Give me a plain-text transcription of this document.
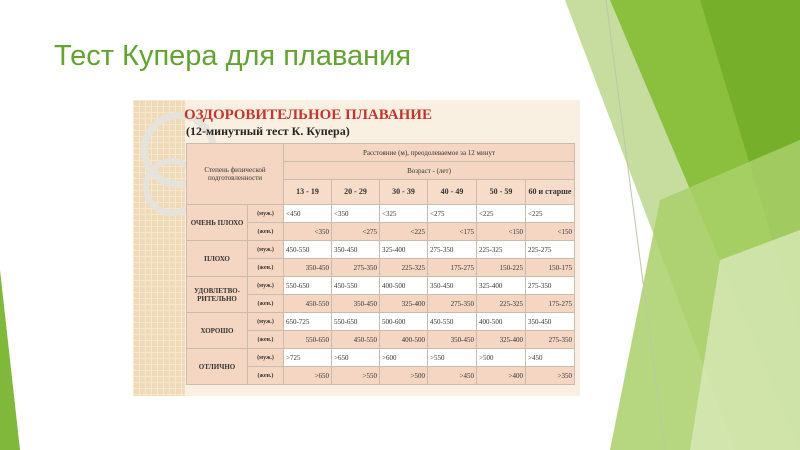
Тест Купера для плавания
ОЗДОРОВИТЕЛЬНОЕ ПЛАВАНИЕ
(12-минутный тест К. Купера)
Степень физической подготовленности		Расстояние (м), преодолеваемое за 12 минут					
		Возраст - (лет)					
		13 - 19	20 - 29	30 - 39	40 - 49	50 - 59	60 и старше
ОЧЕНЬ ПЛОХО	(муж.)	<450	<350	<325	<275	<225	<225
	(жен.)	<350	<275	<225	<175	<150	<150
ПЛОХО	(муж.)	450-550	350-450	325-400	275-350	225-325	225-275
	(жен.)	350-450	275-350	225-325	175-275	150-225	150-175
УДОВЛЕТВО-РИТЕЛЬНО	(муж.)	550-650	450-550	400-500	350-450	325-400	275-350
	(жен.)	450-550	350-450	325-400	275-350	225-325	175-275
ХОРОШО	(муж.)	650-725	550-650	500-600	450-550	400-500	350-450
	(жен.)	550-650	450-550	400-500	350-450	325-400	275-350
ОТЛИЧНО	(муж.)	>725	>650	>600	>550	>500	>450
	(жен.)	>650	>550	>500	>450	>400	>350
